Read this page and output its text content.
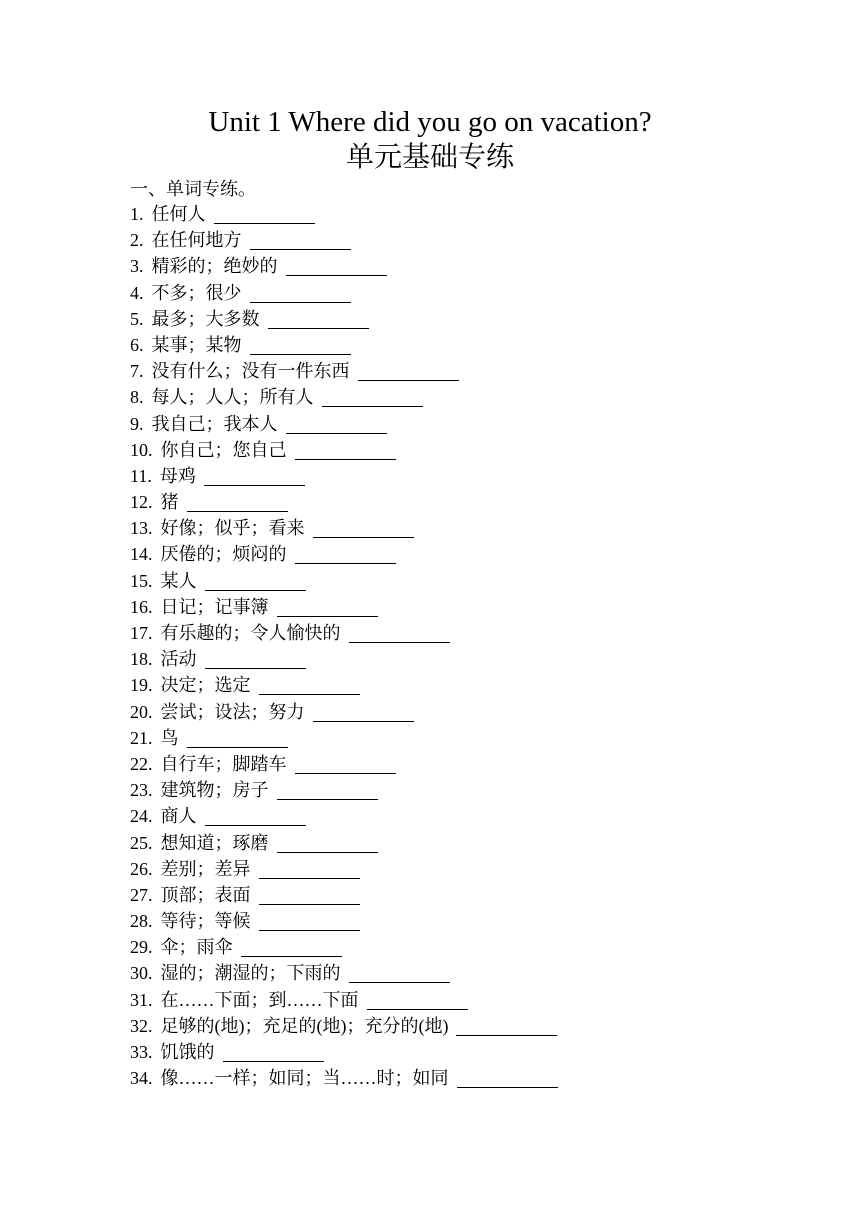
Unit 1 Where did you go on vacation?
单元基础专练
一、单词专练。
1. 任何人
2. 在任何地方
3. 精彩的；绝妙的
4. 不多；很少
5. 最多；大多数
6. 某事；某物
7. 没有什么；没有一件东西
8. 每人；人人；所有人
9. 我自己；我本人
10. 你自己；您自己
11. 母鸡
12. 猪
13. 好像；似乎；看来
14. 厌倦的；烦闷的
15. 某人
16. 日记；记事簿
17. 有乐趣的；令人愉快的
18. 活动
19. 决定；选定
20. 尝试；设法；努力
21. 鸟
22. 自行车；脚踏车
23. 建筑物；房子
24. 商人
25. 想知道；琢磨
26. 差别；差异
27. 顶部；表面
28. 等待；等候
29. 伞；雨伞
30. 湿的；潮湿的；下雨的
31. 在……下面；到……下面
32. 足够的(地)；充足的(地)；充分的(地)
33. 饥饿的
34. 像……一样；如同；当……时；如同
